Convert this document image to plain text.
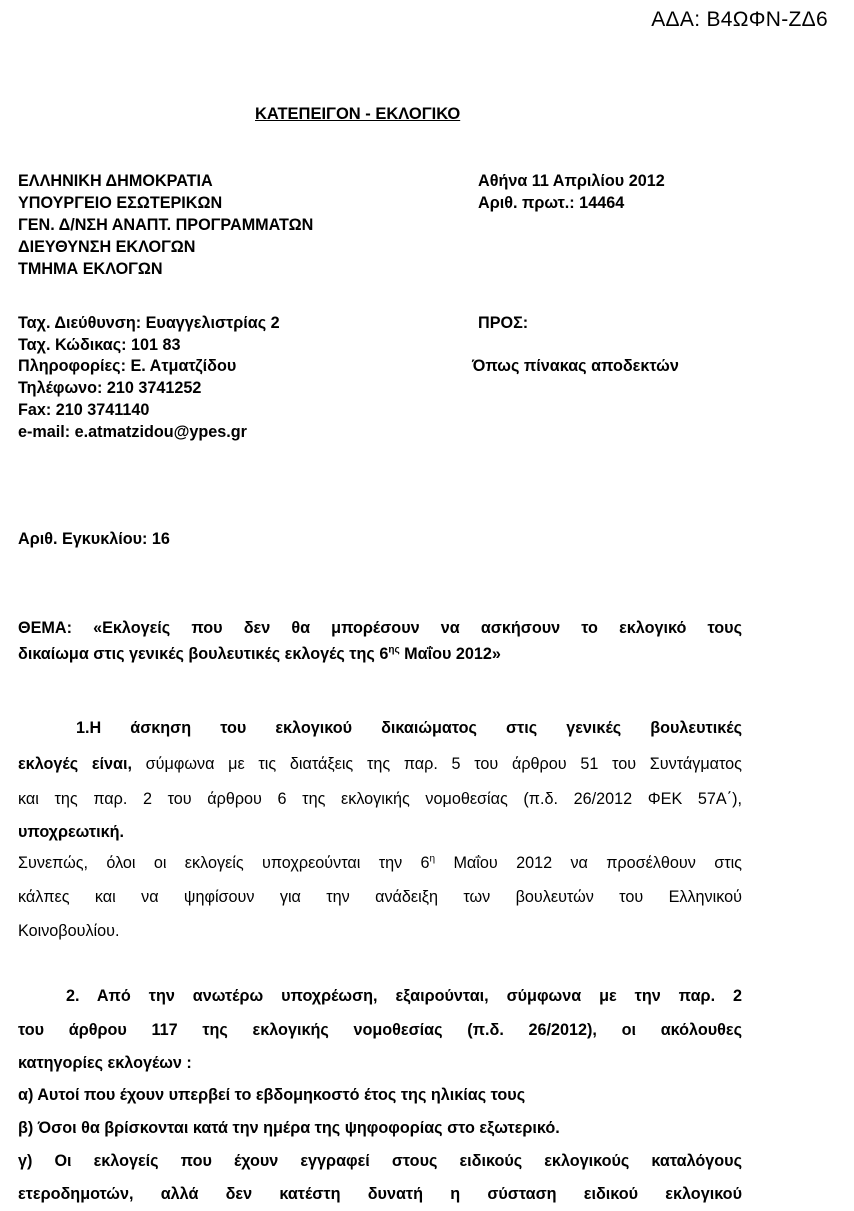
ΑΔΑ: Β4ΩΦΝ-ΖΔ6
ΚΑΤΕΠΕΙΓΟΝ - ΕΚΛΟΓΙΚΟ
ΕΛΛΗΝΙΚΗ ΔΗΜΟΚΡΑΤΙΑ
ΥΠΟΥΡΓΕΙΟ ΕΣΩΤΕΡΙΚΩΝ
ΓΕΝ. Δ/ΝΣΗ ΑΝΑΠΤ. ΠΡΟΓΡΑΜΜΑΤΩΝ
ΔΙΕΥΘΥΝΣΗ ΕΚΛΟΓΩΝ
ΤΜΗΜΑ ΕΚΛΟΓΩΝ
Αθήνα 11 Απριλίου 2012
Αριθ. πρωτ.: 14464
Ταχ. Διεύθυνση: Ευαγγελιστρίας 2
Ταχ. Κώδικας: 101 83
Πληροφορίες: Ε. Ατματζίδου
Τηλέφωνο: 210 3741252
Fax: 210 3741140
e-mail: e.atmatzidou@ypes.gr
ΠΡΟΣ:
Όπως πίνακας αποδεκτών
Αριθ. Εγκυκλίου: 16
ΘΕΜΑ: «Εκλογείς που δεν θα μπορέσουν να ασκήσουν το εκλογικό τους
δικαίωμα στις γενικές βουλευτικές εκλογές της $6^{\eta\varsigma}$ Μαΐου 2012»
1.Η άσκηση του εκλογικού δικαιώματος στις γενικές βουλευτικές
εκλογές είναι, σύμφωνα με τις διατάξεις της παρ. 5 του άρθρου 51 του Συντάγματος
και της παρ. 2 του άρθρου 6 της εκλογικής νομοθεσίας (π.δ. 26/2012 ΦΕΚ 57Α΄),
υποχρεωτική.
Συνεπώς, όλοι οι εκλογείς υποχρεούνται την $6^\eta$ Μαΐου 2012 να προσέλθουν στις
κάλπες και να ψηφίσουν για την ανάδειξη των βουλευτών του Ελληνικού
Κοινοβουλίου.
2. Από την ανωτέρω υποχρέωση, εξαιρούνται, σύμφωνα με την παρ. 2
του άρθρου 117 της εκλογικής νομοθεσίας (π.δ. 26/2012), οι ακόλουθες
κατηγορίες εκλογέων :
α) Αυτοί που έχουν υπερβεί το εβδομηκοστό έτος της ηλικίας τους
β) Όσοι θα βρίσκονται κατά την ημέρα της ψηφοφορίας στο εξωτερικό.
γ) Οι εκλογείς που έχουν εγγραφεί στους ειδικούς εκλογικούς καταλόγους
ετεροδημοτών, αλλά δεν κατέστη δυνατή η σύσταση ειδικού εκλογικού
